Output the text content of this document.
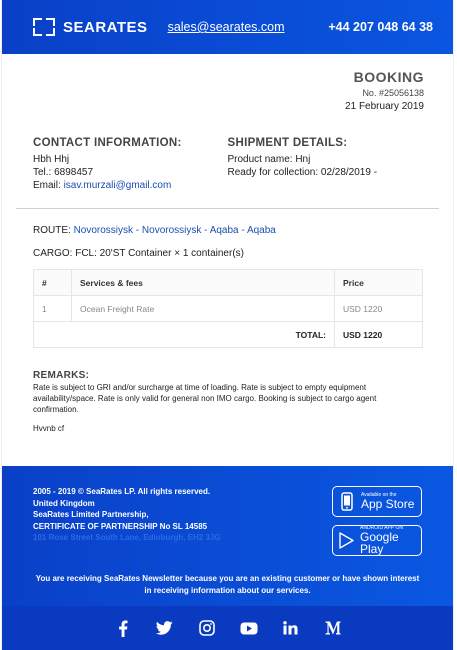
SEARATES sales@searates.com	+44 207 048 64 38
BOOKING
No. #25056138
21 February 2019
CONTACT INFORMATION:
Hbh Hhj
Tel.: 6898457
Email: isav.murzali@gmail.com
SHIPMENT DETAILS:
Product name: Hnj
Ready for collection: 02/28/2019 -
ROUTE: Novorossiysk - Novorossiysk - Aqaba - Aqaba
CARGO: FCL: 20'ST Container × 1 container(s)
#	Services & fees	Price
1	Ocean Freight Rate	USD 1220
TOTAL:		USD 1220
REMARKS:
Rate is subject to GRI and/or surcharge at time of loading. Rate is subject to empty equipment availability/space. Rate is only valid for general non IMO cargo. Booking is subject to cargo agent confirmation.
Hvvnb cf
2005 - 2019 © SeaRates LP. All rights reserved.
United Kingdom
SeaRates Limited Partnership,
CERTIFICATE OF PARTNERSHIP No SL 14585
101 Rose Street South Lane, Edinburgh, EH2 3JG
Available on the
App Store
ANDROID APP ON
Google Play
You are receiving SeaRates Newsletter because you are an existing customer or have shown interest in receiving information about our services.
